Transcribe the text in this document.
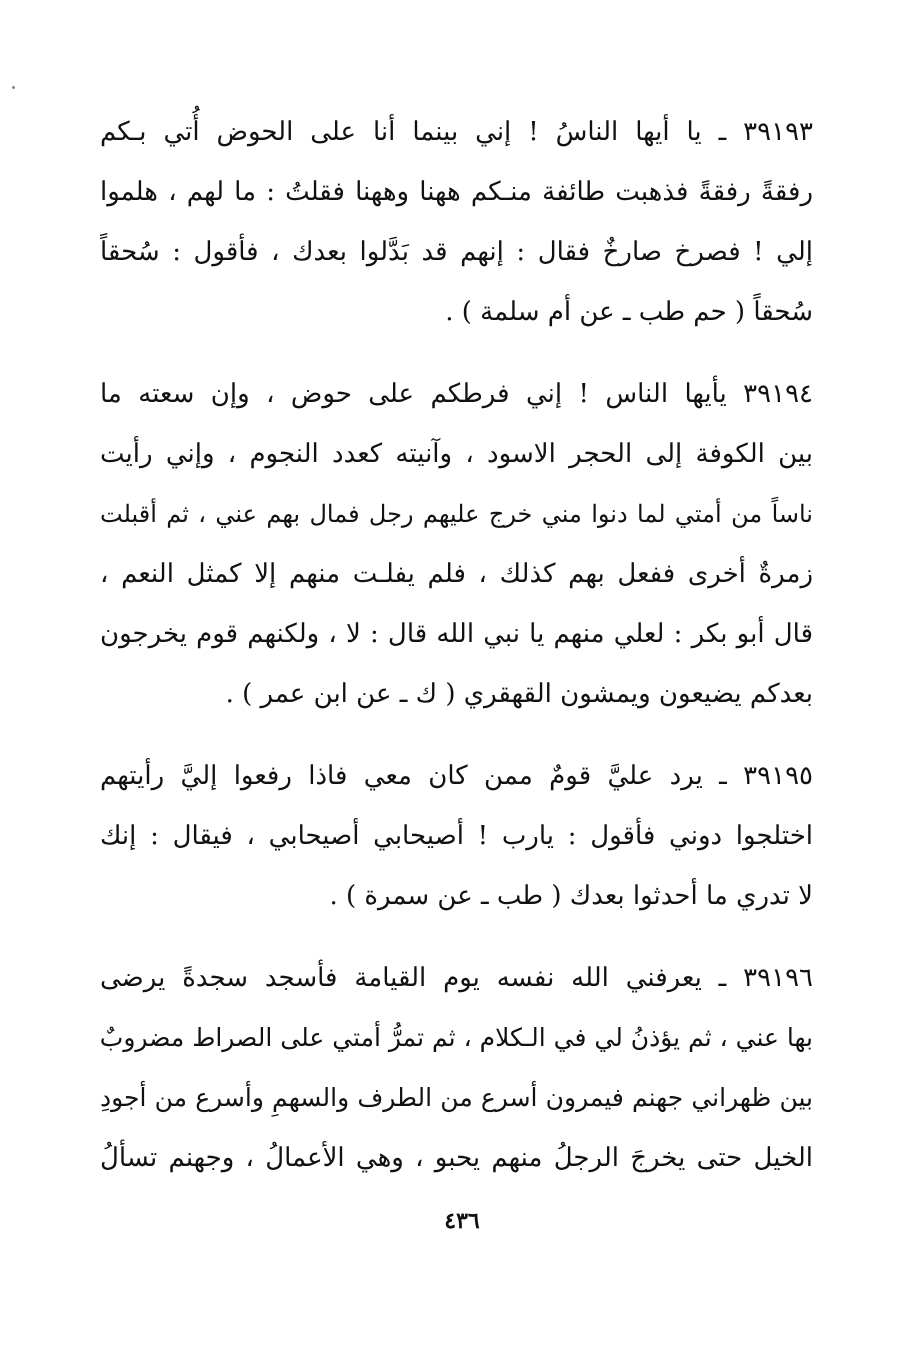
٣٩١٩٣ ـ يا أيها الناسُ ! إني بينما أنا على الحوض أُتي بـكم
رفقةً رفقةً فذهبت طائفة منـكم ههنا وههنا فقلتُ : ما لهم ، هلموا
إلي ! فصرخ صارخٌ فقال : إنهم قد بَدَّلوا بعدك ، فأقول : سُحقاً
سُحقاً ( حم طب ـ عن أم سلمة ) .
٣٩١٩٤ يأيها الناس ! إني فرطكم على حوض ، وإن سعته ما
بين الكوفة إلى الحجر الاسود ، وآنيته كعدد النجوم ، وإني رأيت
ناساً من أمتي لما دنوا مني خرج عليهم رجل فمال بهم عني ، ثم أقبلت
زمرةٌ أخرى ففعل بهم كذلك ، فلم يفلـت منهم إلا كمثل النعم ،
قال أبو بكر : لعلي منهم يا نبي الله قال : لا ، ولكنهم قوم يخرجون
بعدكم يضيعون ويمشون القهقري ( ك ـ عن ابن عمر ) .
٣٩١٩٥ ـ يرد عليَّ قومٌ ممن كان معي فاذا رفعوا إليَّ رأيتهم
اختلجوا دوني فأقول : يارب ! أصيحابي أصيحابي ، فيقال : إنك
لا تدري ما أحدثوا بعدك ( طب ـ عن سمرة ) .
٣٩١٩٦ ـ يعرفني الله نفسه يوم القيامة فأسجد سجدةً يرضى
بها عني ، ثم يؤذنُ لي في الـكلام ، ثم تمرُّ أمتي على الصراط مضروبٌ
بين ظهراني جهنم فيمرون أسرع من الطرف والسهمِ وأسرع من أجودِ
الخيل حتى يخرجَ الرجلُ منهم يحبو ، وهي الأعمالُ ، وجهنم تسألُ
٤٣٦
